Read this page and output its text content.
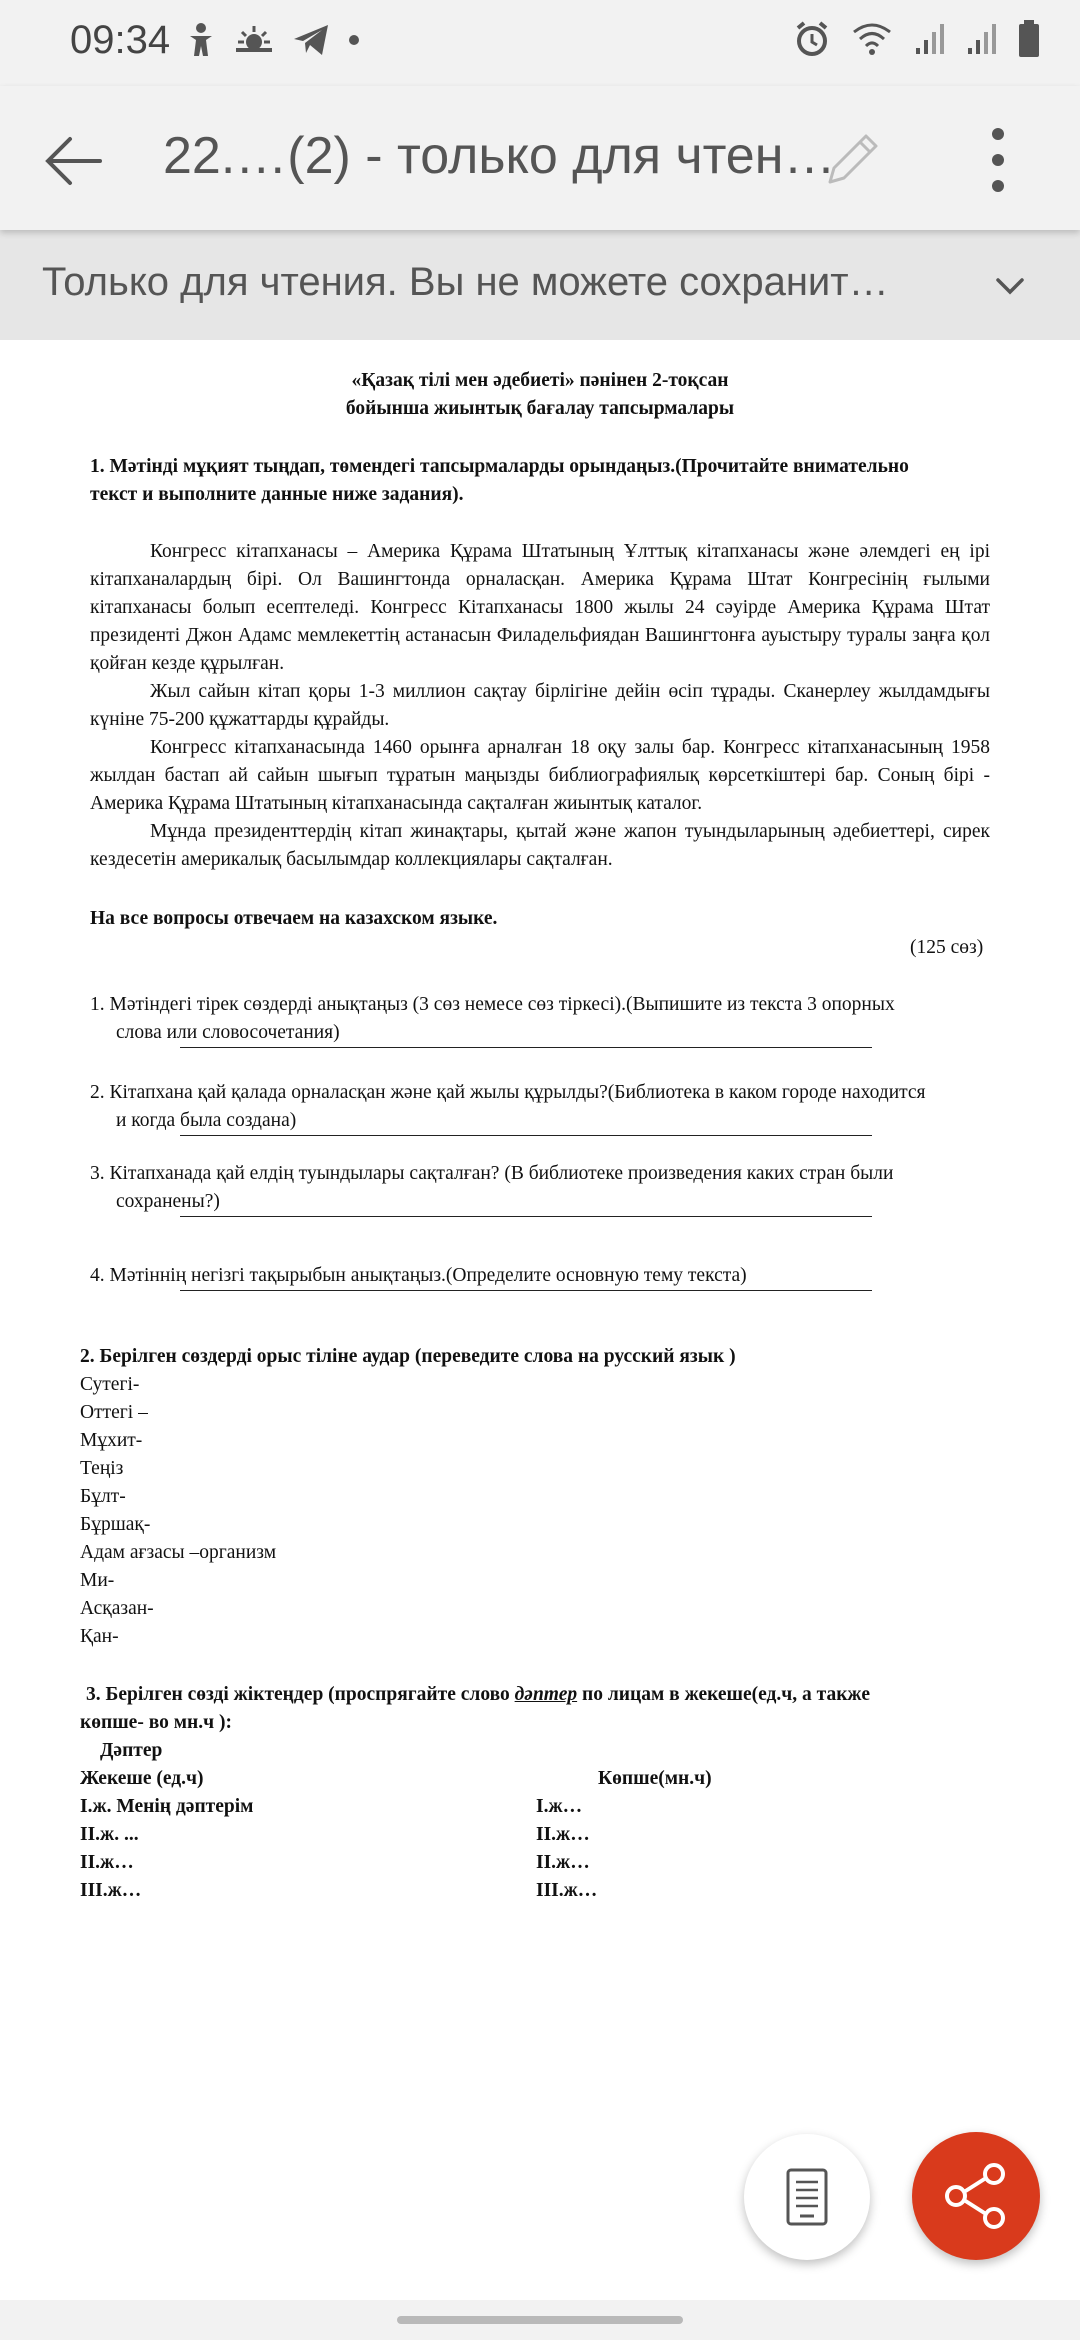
09:34
22.…(2) - только для чтен…
Только для чтения. Вы не можете сохранит…
«Қазақ тілі мен әдебиеті» пәнінен 2-тоқсан
бойынша жиынтық бағалау тапсырмалары
1. Мәтінді мұқият тыңдап, төмендегі тапсырмаларды орындаңыз.(Прочитайте внимательно
текст и выполните данные ниже задания).
Конгресс кітапханасы – Америка Құрама Штатының Ұлттық кітапханасы және әлемдегі ең ірі кітапханалардың бірі. Ол Вашингтонда орналасқан. Америка Құрама Штат Конгресінің ғылыми кітапханасы болып есептеледі. Конгресс Кітапханасы 1800 жылы 24 сәуірде Америка Құрама Штат президенті Джон Адамс мемлекеттің астанасын Филадельфиядан Вашингтонға ауыстыру туралы заңға қол қойған кезде құрылған.
Жыл сайын кітап қоры 1-3 миллион сақтау бірлігіне дейін өсіп тұрады. Сканерлеу жылдамдығы күніне 75-200 құжаттарды құрайды.
Конгресс кітапханасында 1460 орынға арналған 18 оқу залы бар. Конгресс кітапханасының 1958 жылдан бастап ай сайын шығып тұратын маңызды библиографиялық көрсеткіштері бар. Соның бірі - Америка Құрама Штатының кітапханасында сақталған жиынтық каталог.
Мұнда президенттердің кітап жинақтары, қытай және жапон туындыларының әдебиеттері, сирек кездесетін америкалық басылымдар коллекциялары сақталған.
На все вопросы отвечаем на казахском языке.
(125 сөз)
1. Мәтіндегі тірек сөздерді анықтаңыз (3 сөз немесе сөз тіркесі).(Выпишите из текста 3 опорных
слова или словосочетания)
2. Кітапхана қай қалада орналасқан және қай жылы құрылды?(Библиотека в каком городе находится
и когда была создана)
3. Кітапханада қай елдің туындылары сақталған? (В библиотеке произведения каких стран были
сохранены?)
4. Мәтіннің негізгі тақырыбын анықтаңыз.(Определите основную тему текста)
2. Берілген сөздерді орыс тіліне аудар (переведите слова на русский язык )
Сутегі-
Оттегі –
Мұхит-
Теңіз
Бұлт-
Бұршақ-
Адам ағзасы –организм
Ми-
Асқазан-
Қан-
3. Берілген сөзді жіктеңдер (проспрягайте слово дәптер по лицам в жекеше(ед.ч, а также
көпше- во мн.ч ):
Дәптер
Жекеше (ед.ч)	Көпше(мн.ч)
І.ж. Менің дәптерім
ІІ.ж. ...
ІІ.ж…
ІІІ.ж…
І.ж…
ІІ.ж…
ІІ.ж…
ІІІ.ж…
